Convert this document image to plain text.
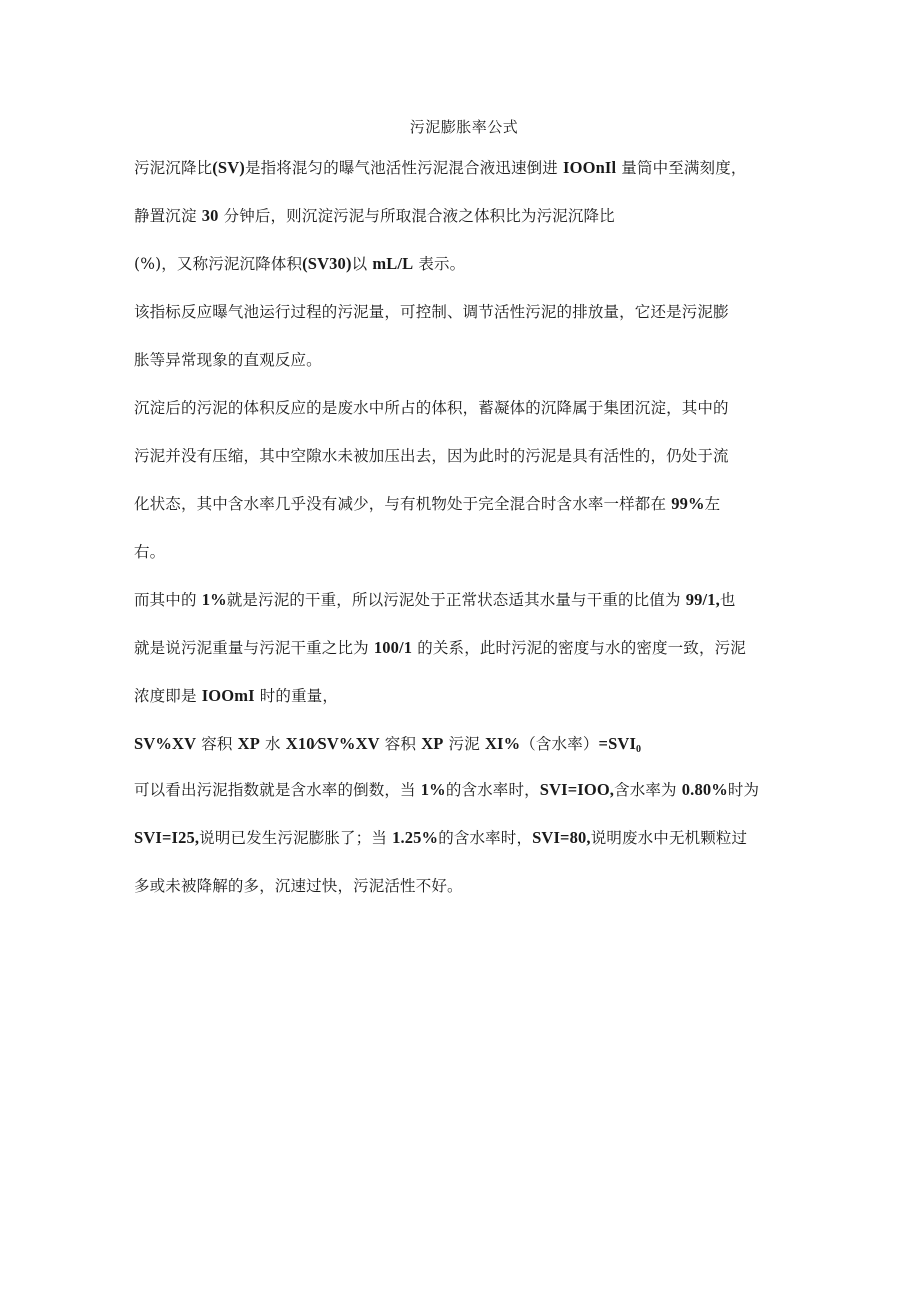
污泥膨胀率公式
污泥沉降比(SV)是指将混匀的曝气池活性污泥混合液迅速倒进 IOOnIl 量筒中至满刻度，
静置沉淀 30 分钟后，则沉淀污泥与所取混合液之体积比为污泥沉降比
(%)，又称污泥沉降体积(SV30)以 mL/L 表示。
该指标反应曝气池运行过程的污泥量，可控制、调节活性污泥的排放量，它还是污泥膨
胀等异常现象的直观反应。
沉淀后的污泥的体积反应的是废水中所占的体积，蓄凝体的沉降属于集团沉淀，其中的
污泥并没有压缩，其中空隙水未被加压出去，因为此时的污泥是具有活性的，仍处于流
化状态，其中含水率几乎没有减少，与有机物处于完全混合时含水率一样都在 99%左
右。
而其中的 1%就是污泥的干重，所以污泥处于正常状态适其水量与干重的比值为 99/1,也
就是说污泥重量与污泥干重之比为 100/1 的关系，此时污泥的密度与水的密度一致，污泥
浓度即是 IOOmI 时的重量，
SV%XV 容积 XP 水 X10⁄SV%XV 容积 XP 污泥 XI%（含水率）$=SVI_0$
可以看出污泥指数就是含水率的倒数，当 1%的含水率时，SVI=IOO,含水率为 0.80%时为
SVI=I25,说明已发生污泥膨胀了；当 1.25%的含水率时，SVI=80,说明废水中无机颗粒过
多或未被降解的多，沉速过快，污泥活性不好。
